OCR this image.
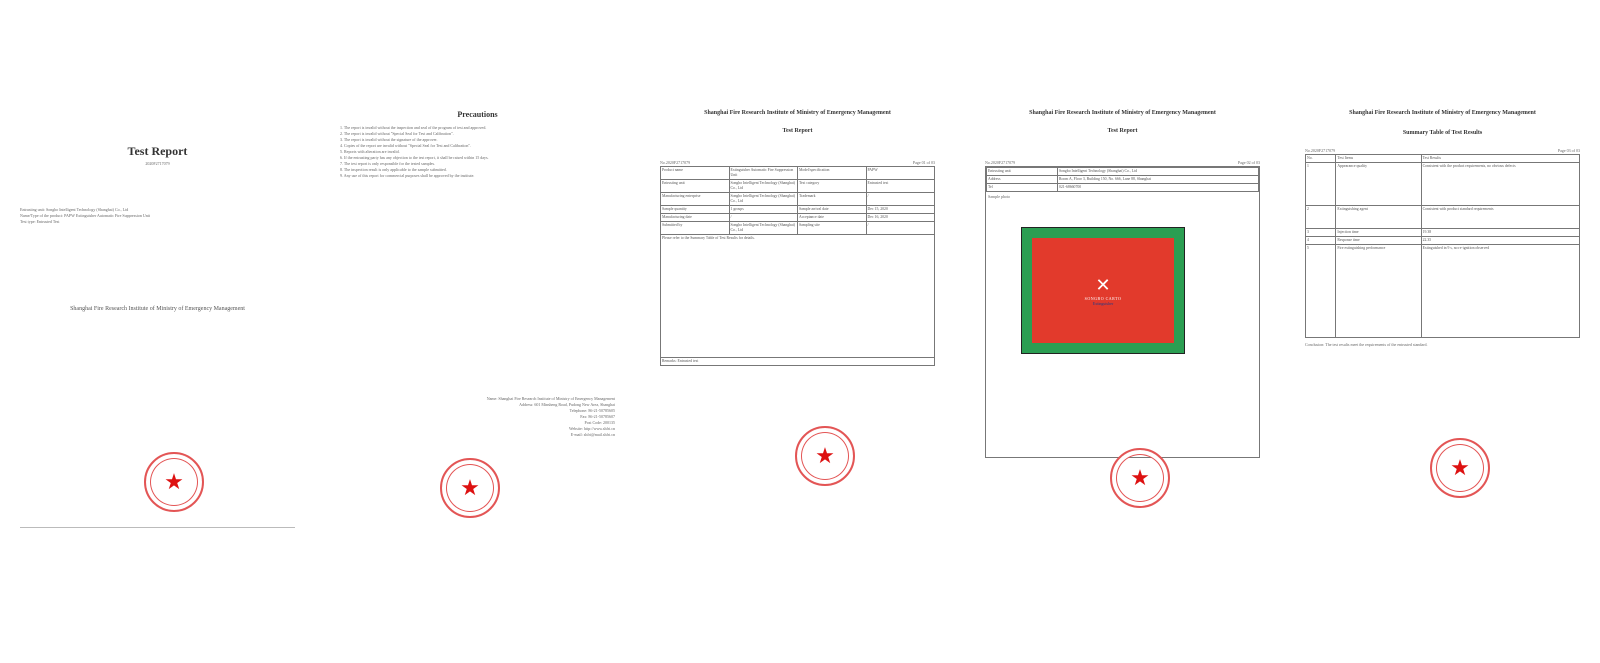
Test Report
2020F2717079
Entrusting unit: Songbo Intelligent Technology (Shanghai) Co., Ltd
Name/Type of the product: PAPW Extinguisher Automatic Fire Suppression Unit
Test type: Entrusted Test
Shanghai Fire Research Institute of Ministry of Emergency Management
★
Precautions
1. The report is invalid without the inspection and seal of the program of test and approved.
2. The report is invalid without "Special Seal for Test and Calibration".
3. The report is invalid without the signature of the approver.
4. Copies of the report are invalid without "Special Seal for Test and Calibration".
5. Reports with alteration are invalid.
6. If the entrusting party has any objection to the test report, it shall be raised within 15 days.
7. The test report is only responsible for the tested samples.
8. The inspection result is only applicable to the sample submitted.
9. Any use of this report for commercial purposes shall be approved by the institute.
Name: Shanghai Fire Research Institute of Ministry of Emergency Management
Address: 601 Minsheng Road, Pudong New Area, Shanghai
Telephone: 86-21-50785605
Fax: 86-21-50785607
Post Code: 200135
Website: http://www.shfri.cn
E-mail: shfri@mail.shfri.cn
★
Shanghai Fire Research Institute of Ministry of Emergency Management
Test Report
No.2020F2717079	Page 01 of 03
Product name	Extinguisher Automatic Fire Suppression Unit	Model/specification	PAPW
Entrusting unit	Songbo Intelligent Technology (Shanghai) Co., Ltd	Test category	Entrusted test
Manufacturing enterprise	Songbo Intelligent Technology (Shanghai) Co., Ltd	Trademark	/
Sample quantity	1 groups	Sample arrival date	Dec 15, 2020
Manufacturing date	/	Acceptance date	Dec 16, 2020
Submitted by	Songbo Intelligent Technology (Shanghai) Co., Ltd	Sampling site	/
Please refer to the Summary Table of Test Results for details.			
Remarks: Entrusted test			
★
Shanghai Fire Research Institute of Ministry of Emergency Management
Test Report
No.2020F2717079	Page 02 of 03
Entrusting unit	Songbo Intelligent Technology (Shanghai) Co., Ltd
Address	Room A, Floor 3, Building 150, No. 666, Lane 88, Shanghai
Tel	021-68660700
Sample photo
✕
SONGBO CARTO
Extinguisher
★
Shanghai Fire Research Institute of Ministry of Emergency Management
Summary Table of Test Results
No.2020F2717079	Page 03 of 03
No.	Test Items	Test Results
1	Appearance quality	Consistent with the product requirements, no obvious defects
2	Extinguishing agent	Consistent with product standard requirements
3	Injection time	19.38
4	Response time	22.35
5	Fire extinguishing performance	Extinguished in 9 s, no re-ignition observed
Conclusion: The test results meet the requirements of the entrusted standard.
★
